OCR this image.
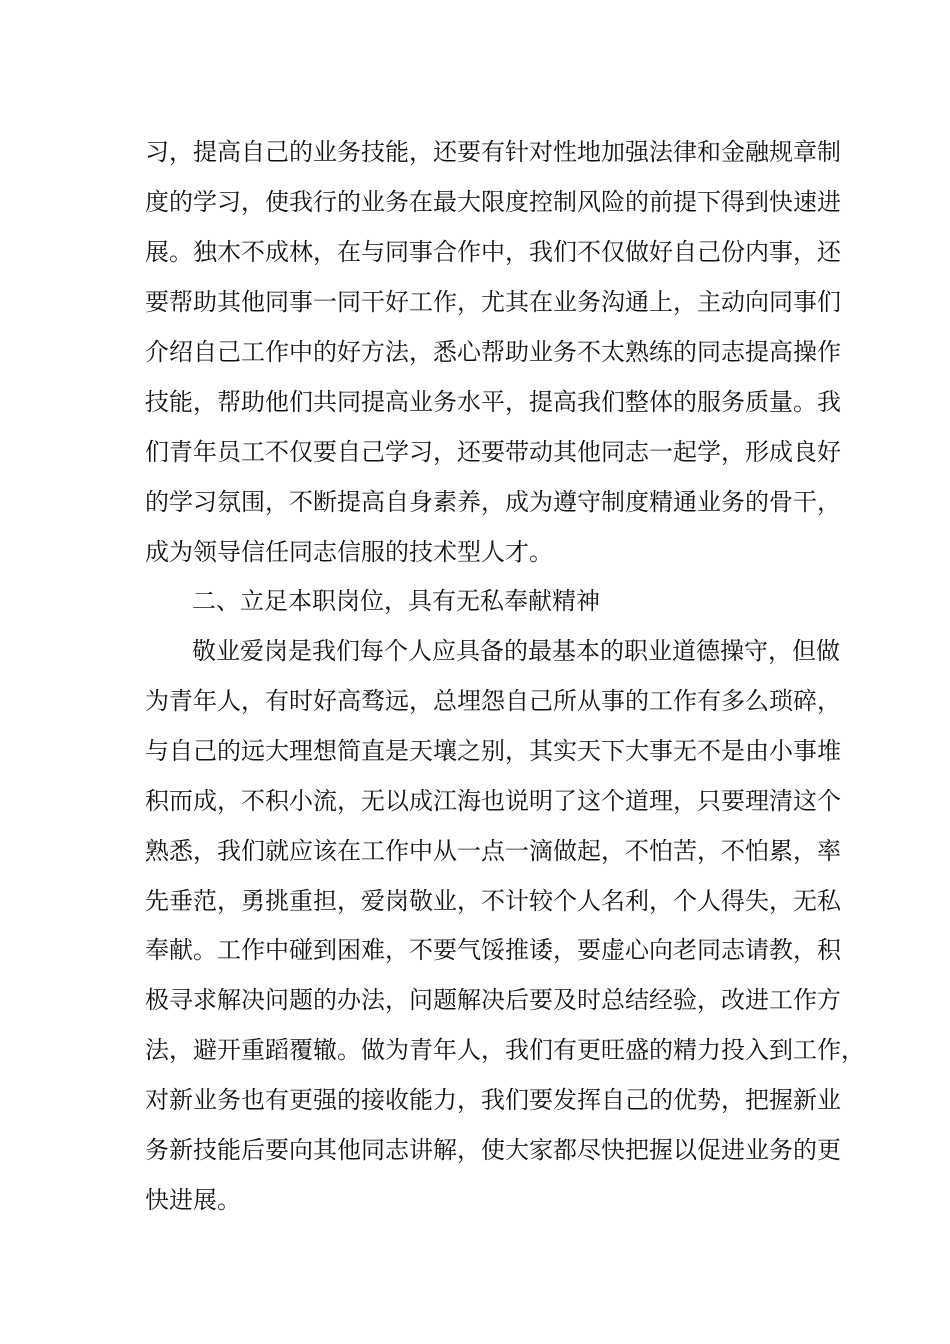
习，提高自己的业务技能，还要有针对性地加强法律和金融规章制
度的学习，使我行的业务在最大限度控制风险的前提下得到快速进
展。独木不成林，在与同事合作中，我们不仅做好自己份内事，还
要帮助其他同事一同干好工作，尤其在业务沟通上，主动向同事们
介绍自己工作中的好方法，悉心帮助业务不太熟练的同志提高操作
技能，帮助他们共同提高业务水平，提高我们整体的服务质量。我
们青年员工不仅要自己学习，还要带动其他同志一起学，形成良好
的学习氛围，不断提高自身素养，成为遵守制度精通业务的骨干，
成为领导信任同志信服的技术型人才。
二、立足本职岗位，具有无私奉献精神
敬业爱岗是我们每个人应具备的最基本的职业道德操守，但做
为青年人，有时好高骛远，总埋怨自己所从事的工作有多么琐碎，
与自己的远大理想简直是天壤之别，其实天下大事无不是由小事堆
积而成，不积小流，无以成江海也说明了这个道理，只要理清这个
熟悉，我们就应该在工作中从一点一滴做起，不怕苦，不怕累，率
先垂范，勇挑重担，爱岗敬业，不计较个人名利，个人得失，无私
奉献。工作中碰到困难，不要气馁推诿，要虚心向老同志请教，积
极寻求解决问题的办法，问题解决后要及时总结经验，改进工作方
法，避开重蹈覆辙。做为青年人，我们有更旺盛的精力投入到工作，
对新业务也有更强的接收能力，我们要发挥自己的优势，把握新业
务新技能后要向其他同志讲解，使大家都尽快把握以促进业务的更
快进展。
